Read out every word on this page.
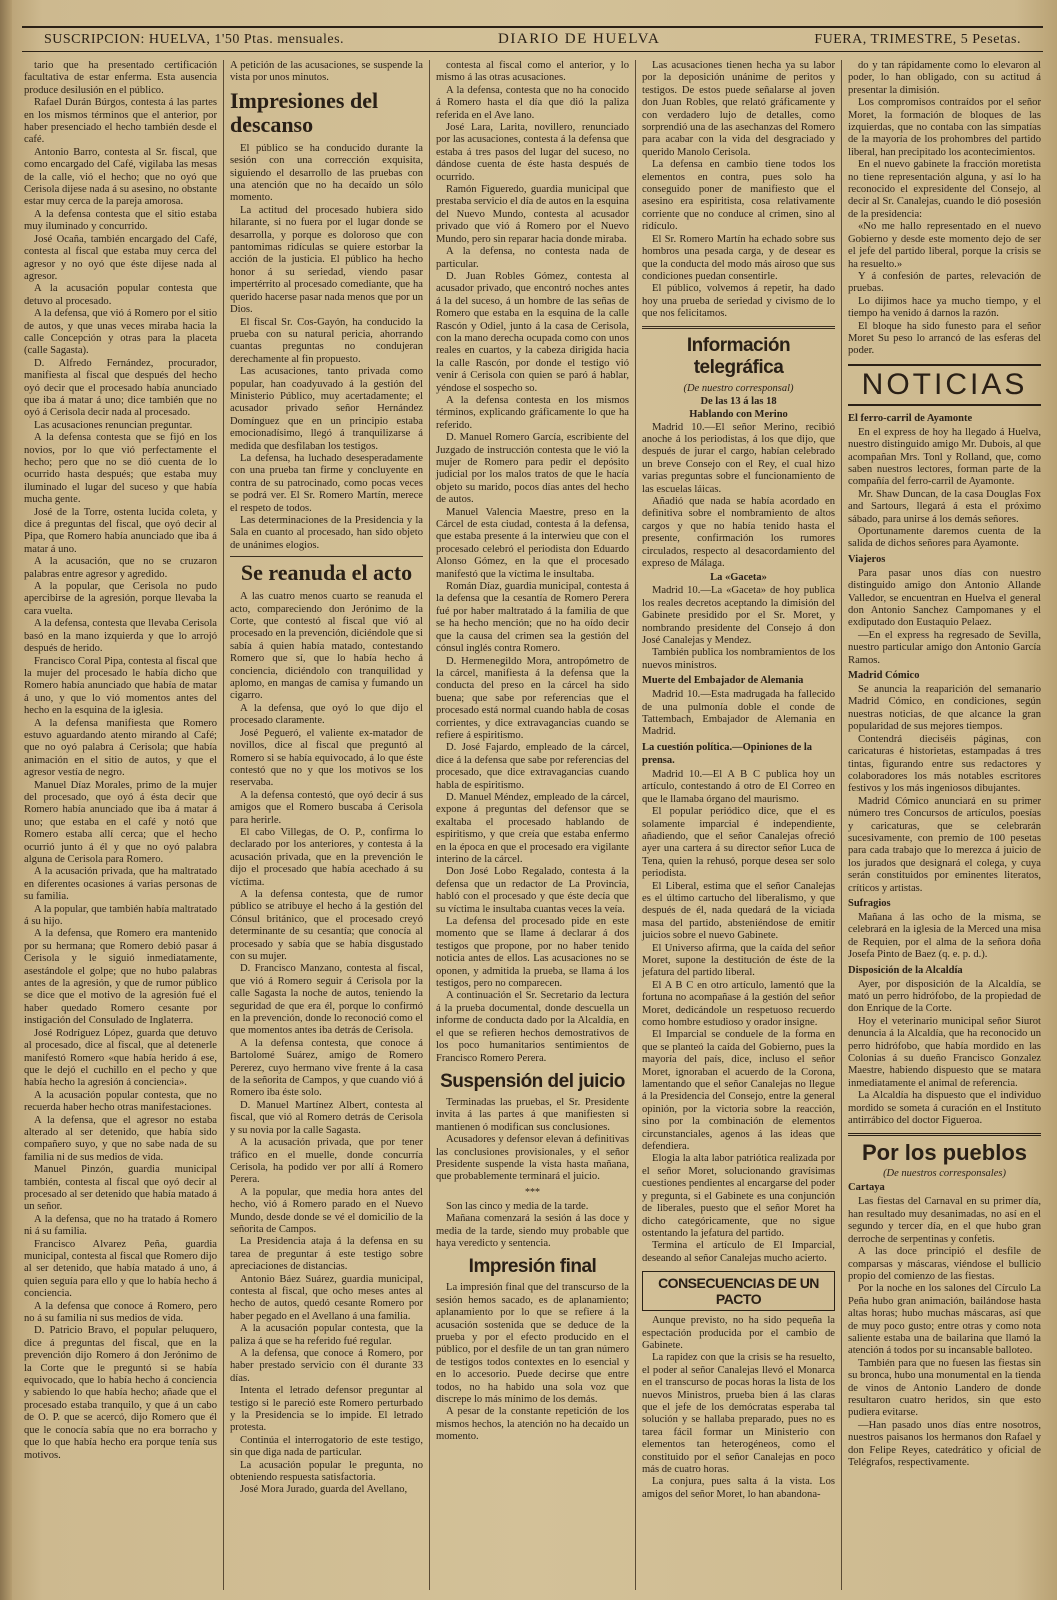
SUSCRIPCION: HUELVA, 1'50 Ptas. mensuales.	DIARIO DE HUELVA	FUERA, TRIMESTRE, 5 Pesetas.

tario que ha presentado certificación facultativa de estar enferma. Esta ausencia produce desilusión en el público.

Rafael Durán Búrgos, contesta á las partes en los mismos términos que el anterior, por haber presenciado el hecho también desde el café.

Antonio Barro, contesta al Sr. fiscal, que como encargado del Café, vigilaba las mesas de la calle, vió el hecho; que no oyó que Cerisola dijese nada á su asesino, no obstante estar muy cerca de la pareja amorosa.

A la defensa contesta que el sitio estaba muy iluminado y concurrido.

José Ocaña, también encargado del Café, contesta al fiscal que estaba muy cerca del agresor y no oyó que éste dijese nada al agresor.

A la acusación popular contesta que detuvo al procesado.

A la defensa, que vió á Romero por el sitio de autos, y que unas veces miraba hacia la calle Concepción y otras para la placeta (calle Sagasta).

D. Alfredo Fernández, procurador, manifiesta al fiscal que después del hecho oyó decir que el procesado había anunciado que iba á matar á uno; dice también que no oyó á Cerisola decir nada al procesado.

Las acusaciones renuncian preguntar.

A la defensa contesta que se fijó en los novios, por lo que vió perfectamente el hecho; pero que no se dió cuenta de lo ocurrido hasta después; que estaba muy iluminado el lugar del suceso y que había mucha gente.

José de la Torre, ostenta lucida coleta, y dice á preguntas del fiscal, que oyó decir al Pipa, que Romero había anunciado que iba á matar á uno.

A la acusación, que no se cruzaron palabras entre agresor y agredido.

A la popular, que Cerisola no pudo apercibirse de la agresión, porque llevaba la cara vuelta.

A la defensa, contesta que llevaba Cerisola basó en la mano izquierda y que lo arrojó después de herido.

Francisco Coral Pipa, contesta al fiscal que la mujer del procesado le había dicho que Romero había anunciado que había de matar á uno, y que lo vió momentos antes del hecho en la esquina de la iglesia.

A la defensa manifiesta que Romero estuvo aguardando atento mirando al Café; que no oyó palabra á Cerisola; que había animación en el sitio de autos, y que el agresor vestía de negro.

Manuel Díaz Morales, primo de la mujer del procesado, que oyó á ésta decir que Romero había anunciado que iba á matar á uno; que estaba en el café y notó que Romero estaba allí cerca; que el hecho ocurrió junto á él y que no oyó palabra alguna de Cerisola para Romero.

A la acusación privada, que ha maltratado en diferentes ocasiones á varias personas de su familia.

A la popular, que también había maltratado á su hijo.

A la defensa, que Romero era mantenido por su hermana; que Romero debió pasar á Cerisola y le siguió inmediatamente, asestándole el golpe; que no hubo palabras antes de la agresión, y que de rumor público se dice que el motivo de la agresión fué el haber quedado Romero cesante por instigación del Consulado de Inglaterra.

José Rodríguez López, guarda que detuvo al procesado, dice al fiscal, que al detenerle manifestó Romero «que había herido á ese, que le dejó el cuchillo en el pecho y que había hecho la agresión á conciencia».

A la acusación popular contesta, que no recuerda haber hecho otras manifestaciones.

A la defensa, que el agresor no estaba alterado al ser detenido, que había sido compañero suyo, y que no sabe nada de su familia ni de sus medios de vida.

Manuel Pinzón, guardia municipal también, contesta al fiscal que oyó decir al procesado al ser detenido que había matado á un señor.

A la defensa, que no ha tratado á Romero ni á su familia.

Francisco Alvarez Peña, guardia municipal, contesta al fiscal que Romero dijo al ser detenido, que había matado á uno, á quien seguía para ello y que lo había hecho á conciencia.

A la defensa que conoce á Romero, pero no á su familia ni sus medios de vida.

D. Patricio Bravo, el popular peluquero, dice á preguntas del fiscal, que en la prevención dijo Romero á don Jerónimo de la Corte que le preguntó si se había equivocado, que lo había hecho á conciencia y sabiendo lo que había hecho; añade que el procesado estaba tranquilo, y que á un cabo de O. P. que se acercó, dijo Romero que él que le conocía sabía que no era borracho y que lo que había hecho era porque tenía sus motivos.

A petición de las acusaciones, se suspende la vista por unos minutos.

Impresiones del descanso

El público se ha conducido durante la sesión con una corrección exquisita, siguiendo el desarrollo de las pruebas con una atención que no ha decaído un sólo momento.

La actitud del procesado hubiera sido hilarante, si no fuera por el lugar donde se desarrolla, y porque es doloroso que con pantomimas ridículas se quiere estorbar la acción de la justicia. El público ha hecho honor á su seriedad, viendo pasar impertérrito al procesado comediante, que ha querido hacerse pasar nada menos que por un Dios.

El fiscal Sr. Cos-Gayón, ha conducido la prueba con su natural pericia, ahorrando cuantas preguntas no condujeran derechamente al fin propuesto.

Las acusaciones, tanto privada como popular, han coadyuvado á la gestión del Ministerio Público, muy acertadamente; el acusador privado señor Hernández Domínguez que en un principio estaba emocionadísimo, llegó á tranquilizarse á medida que desfilaban los testigos.

La defensa, ha luchado desesperadamente con una prueba tan firme y concluyente en contra de su patrocinado, como pocas veces se podrá ver. El Sr. Romero Martín, merece el respeto de todos.

Las determinaciones de la Presidencia y la Sala en cuanto al procesado, han sido objeto de unánimes elogios.

Se reanuda el acto

A las cuatro menos cuarto se reanuda el acto, compareciendo don Jerónimo de la Corte, que contestó al fiscal que vió al procesado en la prevención, diciéndole que si sabía á quien había matado, contestando Romero que sí, que lo había hecho á conciencia, diciéndolo con tranquilidad y aplomo, en mangas de camisa y fumando un cigarro.

A la defensa, que oyó lo que dijo el procesado claramente.

José Pegueró, el valiente ex-matador de novillos, dice al fiscal que preguntó al Romero si se había equivocado, á lo que éste contestó que no y que los motivos se los reservaba.

A la defensa contestó, que oyó decir á sus amigos que el Romero buscaba á Cerisola para herirle.

El cabo Villegas, de O. P., confirma lo declarado por los anteriores, y contesta á la acusación privada, que en la prevención le dijo el procesado que había acechado á su víctima.

A la defensa contesta, que de rumor público se atribuye el hecho á la gestión del Cónsul británico, que el procesado creyó determinante de su cesantía; que conocía al procesado y sabía que se había disgustado con su mujer.

D. Francisco Manzano, contesta al fiscal, que vió á Romero seguir á Cerisola por la calle Sagasta la noche de autos, teniendo la seguridad de que era él, porque lo confirmó en la prevención, donde lo reconoció como el que momentos antes iba detrás de Cerisola.

A la defensa contesta, que conoce á Bartolomé Suárez, amigo de Romero Pererez, cuyo hermano vive frente á la casa de la señorita de Campos, y que cuando vió á Romero iba éste solo.

D. Manuel Martínez Albert, contesta al fiscal, que vió al Romero detrás de Cerisola y su novia por la calle Sagasta.

A la acusación privada, que por tener tráfico en el muelle, donde concurría Cerisola, ha podido ver por allí á Romero Perera.

A la popular, que media hora antes del hecho, vió á Romero parado en el Nuevo Mundo, desde donde se vé el domicilio de la señorita de Campos.

La Presidencia ataja á la defensa en su tarea de preguntar á este testigo sobre apreciaciones de distancias.

Antonio Báez Suárez, guardia municipal, contesta al fiscal, que ocho meses antes al hecho de autos, quedó cesante Romero por haber pegado en el Avellano á una familia.

A la acusación popular contesta, que la paliza á que se ha referido fué regular.

A la defensa, que conoce á Romero, por haber prestado servicio con él durante 33 días.

Intenta el letrado defensor preguntar al testigo si le pareció este Romero perturbado y la Presidencia se lo impide. El letrado protesta.

Continúa el interrogatorio de este testigo, sin que diga nada de particular.

La acusación popular le pregunta, no obteniendo respuesta satisfactoria.

José Mora Jurado, guarda del Avellano,

contesta al fiscal como el anterior, y lo mismo á las otras acusaciones.

A la defensa, contesta que no ha conocido á Romero hasta el día que dió la paliza referida en el Ave lano.

José Lara, Larita, novillero, renunciado por las acusaciones, contesta á la defensa que estaba á tres pasos del lugar del suceso, no dándose cuenta de éste hasta después de ocurrido.

Ramón Figueredo, guardia municipal que prestaba servicio el día de autos en la esquina del Nuevo Mundo, contesta al acusador privado que vió á Romero por el Nuevo Mundo, pero sin reparar hacia donde miraba.

A la defensa, no contesta nada de particular.

D. Juan Robles Gómez, contesta al acusador privado, que encontró noches antes á la del suceso, á un hombre de las señas de Romero que estaba en la esquina de la calle Rascón y Odiel, junto á la casa de Cerisola, con la mano derecha ocupada como con unos reales en cuartos, y la cabeza dirigida hacia la calle Rascón, por donde el testigo vió venir á Cerisola con quien se paró á hablar, yéndose el sospecho so.

A la defensa contesta en los mismos términos, explicando gráficamente lo que ha referido.

D. Manuel Romero García, escribiente del Juzgado de instrucción contesta que le vió la mujer de Romero para pedir el depósito judicial por los malos tratos de que le hacía objeto su marido, pocos días antes del hecho de autos.

Manuel Valencia Maestre, preso en la Cárcel de esta ciudad, contesta á la defensa, que estaba presente á la interwieu que con el procesado celebró el periodista don Eduardo Alonso Gómez, en la que el procesado manifestó que la víctima le insultaba.

Román Díaz, guardia municipal, contesta á la defensa que la cesantía de Romero Perera fué por haber maltratado á la familia de que se ha hecho mención; que no ha oído decir que la causa del crimen sea la gestión del cónsul inglés contra Romero.

D. Hermenegildo Mora, antropómetro de la cárcel, manifiesta á la defensa que la conducta del preso en la cárcel ha sido buena; que sabe por referencias que el procesado está normal cuando habla de cosas corrientes, y dice extravagancias cuando se refiere á espiritismo.

D. José Fajardo, empleado de la cárcel, dice á la defensa que sabe por referencias del procesado, que dice extravagancias cuando habla de espiritismo.

D. Manuel Méndez, empleado de la cárcel, expone á preguntas del defensor que se exaltaba el procesado hablando de espiritismo, y que creía que estaba enfermo en la época en que el procesado era vigilante interino de la cárcel.

Don José Lobo Regalado, contesta á la defensa que un redactor de La Provincia, habló con el procesado y que éste decía que su víctima le insultaba cuantas veces la veía.

La defensa del procesado pide en este momento que se llame á declarar á dos testigos que propone, por no haber tenido noticia antes de ellos. Las acusaciones no se oponen, y admitida la prueba, se llama á los testigos, pero no comparecen.

A continuación el Sr. Secretario da lectura á la prueba documental, donde descuella un informe de conducta dado por la Alcaldía, en el que se refieren hechos demostrativos de los poco humanitarios sentimientos de Francisco Romero Perera.

Suspensión del juicio

Terminadas las pruebas, el Sr. Presidente invita á las partes á que manifiesten si mantienen ó modifican sus conclusiones.

Acusadores y defensor elevan á definitivas las conclusiones provisionales, y el señor Presidente suspende la vista hasta mañana, que probablemente terminará el juicio.

***

Son las cinco y media de la tarde.

Mañana comenzará la sesión á las doce y media de la tarde, siendo muy probable que haya veredicto y sentencia.

Impresión final

La impresión final que del transcurso de la sesión hemos sacado, es de aplanamiento; aplanamiento por lo que se refiere á la acusación sostenida que se deduce de la prueba y por el efecto producido en el público, por el desfile de un tan gran número de testigos todos contextes en lo esencial y en lo accesorio. Puede decirse que entre todos, no ha habido una sola voz que discrepe lo más mínimo de los demás.

A pesar de la constante repetición de los mismos hechos, la atención no ha decaído un momento.

Las acusaciones tienen hecha ya su labor por la deposición unánime de peritos y testigos. De estos puede señalarse al joven don Juan Robles, que relató gráficamente y con verdadero lujo de detalles, como sorprendió una de las asechanzas del Romero para acabar con la vida del desgraciado y querido Manolo Cerisola.

La defensa en cambio tiene todos los elementos en contra, pues solo ha conseguido poner de manifiesto que el asesino era espiritista, cosa relativamente corriente que no conduce al crimen, sino al ridículo.

El Sr. Romero Martín ha echado sobre sus hombros una pesada carga, y de desear es que la conducta del modo más airoso que sus condiciones puedan consentirle.

El público, volvemos á repetir, ha dado hoy una prueba de seriedad y civismo de lo que nos felicitamos.

Información telegráfica
(De nuestro corresponsal)
De las 13 á las 18
Hablando con Merino

Madrid 10.—El señor Merino, recibió anoche á los periodistas, á los que dijo, que después de jurar el cargo, habían celebrado un breve Consejo con el Rey, el cual hizo varias preguntas sobre el funcionamiento de las escuelas láicas.

Añadió que nada se había acordado en definitiva sobre el nombramiento de altos cargos y que no había tenido hasta el presente, confirmación los rumores circulados, respecto al desacordamiento del expreso de Málaga.

La «Gaceta»

Madrid 10.—La «Gaceta» de hoy publica los reales decretos aceptando la dimisión del Gabinete presidido por el Sr. Moret, y nombrando presidente del Consejo á don José Canalejas y Mendez.

También publica los nombramientos de los nuevos ministros.

Muerte del Embajador de Alemania

Madrid 10.—Esta madrugada ha fallecido de una pulmonía doble el conde de Tattembach, Embajador de Alemania en Madrid.

La cuestión política.—Opiniones de la prensa.

Madrid 10.—El A B C publica hoy un artículo, contestando á otro de El Correo en que le llamaba órgano del maurismo.

El popular periódico dice, que el es solamente imparcial é independiente, añadiendo, que el señor Canalejas ofreció ayer una cartera á su director señor Luca de Tena, quien la rehusó, porque desea ser solo periodista.

El Liberal, estima que el señor Canalejas es el último cartucho del liberalismo, y que después de él, nada quedará de la viciada masa del partido, absteniéndose de emitir juicios sobre el nuevo Gabinete.

El Universo afirma, que la caída del señor Moret, supone la destitución de éste de la jefatura del partido liberal.

El A B C en otro artículo, lamentó que la fortuna no acompañase á la gestión del señor Moret, dedicándole un respetuoso recuerdo como hombre estudioso y orador insigne.

El Imparcial se conduele de la forma en que se planteó la caída del Gobierno, pues la mayoría del país, dice, incluso el señor Moret, ignoraban el acuerdo de la Corona, lamentando que el señor Canalejas no llegue á la Presidencia del Consejo, entre la general opinión, por la victoria sobre la reacción, sino por la combinación de elementos circunstanciales, agenos á las ideas que defendiera.

Elogia la alta labor patriótica realizada por el señor Moret, solucionando gravísimas cuestiones pendientes al encargarse del poder y pregunta, si el Gabinete es una conjunción de liberales, puesto que el señor Moret ha dicho categóricamente, que no sigue ostentando la jefatura del partido.

Termina el artículo de El Imparcial, deseando al señor Canalejas mucho acierto.

CONSECUENCIAS DE UN PACTO

Aunque previsto, no ha sido pequeña la espectación producida por el cambio de Gabinete.

La rapidez con que la crisis se ha resuelto, el poder al señor Canalejas llevó el Monarca en el transcurso de pocas horas la lista de los nuevos Ministros, prueba bien á las claras que el jefe de los demócratas esperaba tal solución y se hallaba preparado, pues no es tarea fácil formar un Ministerio con elementos tan heterogéneos, como el constituido por el señor Canalejas en poco más de cuatro horas.

La conjura, pues salta á la vista. Los amigos del señor Moret, lo han abandona-

do y tan rápidamente como lo elevaron al poder, lo han obligado, con su actitud á presentar la dimisión.

Los compromisos contraídos por el señor Moret, la formación de bloques de las izquierdas, que no contaba con las simpatías de la mayoría de los prohombres del partido liberal, han precipitado los acontecimientos.

En el nuevo gabinete la fracción moretista no tiene representación alguna, y así lo ha reconocido el expresidente del Consejo, al decir al Sr. Canalejas, cuando le dió posesión de la presidencia:

«No me hallo representado en el nuevo Gobierno y desde este momento dejo de ser el jefe del partido liberal, porque la crisis se ha resuelto.»

Y á confesión de partes, relevación de pruebas.

Lo dijimos hace ya mucho tiempo, y el tiempo ha venido á darnos la razón.

El bloque ha sido funesto para el señor Moret Su peso lo arrancó de las esferas del poder.

NOTICIAS
El ferro-carril de Ayamonte

En el express de hoy ha llegado á Huelva, nuestro distinguido amigo Mr. Dubois, al que acompañan Mrs. Tonl y Rolland, que, como saben nuestros lectores, forman parte de la compañía del ferro-carril de Ayamonte.

Mr. Shaw Duncan, de la casa Douglas Fox and Sartours, llegará á esta el próximo sábado, para unirse á los demás señores.

Oportunamente daremos cuenta de la salida de dichos señores para Ayamonte.

Viajeros

Para pasar unos días con nuestro distinguido amigo don Antonio Allande Valledor, se encuentran en Huelva el general don Antonio Sanchez Campomanes y el exdiputado don Eustaquio Pelaez.

—En el express ha regresado de Sevilla, nuestro particular amigo don Antonio García Ramos.

Madrid Cómico

Se anuncia la reaparición del semanario Madrid Cómico, en condiciones, según nuestras noticias, de que alcance la gran popularidad de sus mejores tiempos.

Contendrá dieciséis páginas, con caricaturas é historietas, estampadas á tres tintas, figurando entre sus redactores y colaboradores los más notables escritores festivos y los más ingeniosos dibujantes.

Madrid Cómico anunciará en su primer número tres Concursos de artículos, poesías y caricaturas, que se celebrarán sucesivamente, con premio de 100 pesetas para cada trabajo que lo merezca á juicio de los jurados que designará el colega, y cuya serán constituidos por eminentes literatos, críticos y artistas.

Sufragios

Mañana á las ocho de la misma, se celebrará en la iglesia de la Merced una misa de Requien, por el alma de la señora doña Josefa Pinto de Baez (q. e. p. d.).

Disposición de la Alcaldía

Ayer, por disposición de la Alcaldía, se mató un perro hidrófobo, de la propiedad de don Enrique de la Corte.

Hoy el veterinario municipal señor Siurot denuncia á la Alcaldía, que ha reconocido un perro hidrófobo, que había mordido en las Colonias á su dueño Francisco Gonzalez Maestre, habiendo dispuesto que se matara inmediatamente el animal de referencia.

La Alcaldía ha dispuesto que el individuo mordido se someta á curación en el Instituto antirrábico del doctor Figueroa.

Por los pueblos
(De nuestros corresponsales)
Cartaya

Las fiestas del Carnaval en su primer día, han resultado muy desanimadas, no así en el segundo y tercer día, en el que hubo gran derroche de serpentinas y confetis.

A las doce principió el desfile de comparsas y máscaras, viéndose el bullicio propio del comienzo de las fiestas.

Por la noche en los salones del Círculo La Peña hubo gran animación, bailándose hasta altas horas; hubo muchas máscaras, así que de muy poco gusto; entre otras y como nota saliente estaba una de bailarina que llamó la atención á todos por su incansable balloteo.

También para que no fuesen las fiestas sin su bronca, hubo una monumental en la tienda de vinos de Antonio Landero de donde resultaron cuatro heridos, sin que esto pudiera evitarse.

—Han pasado unos días entre nosotros, nuestros paisanos los hermanos don Rafael y don Felipe Reyes, catedrático y oficial de Telégrafos, respectivamente.
